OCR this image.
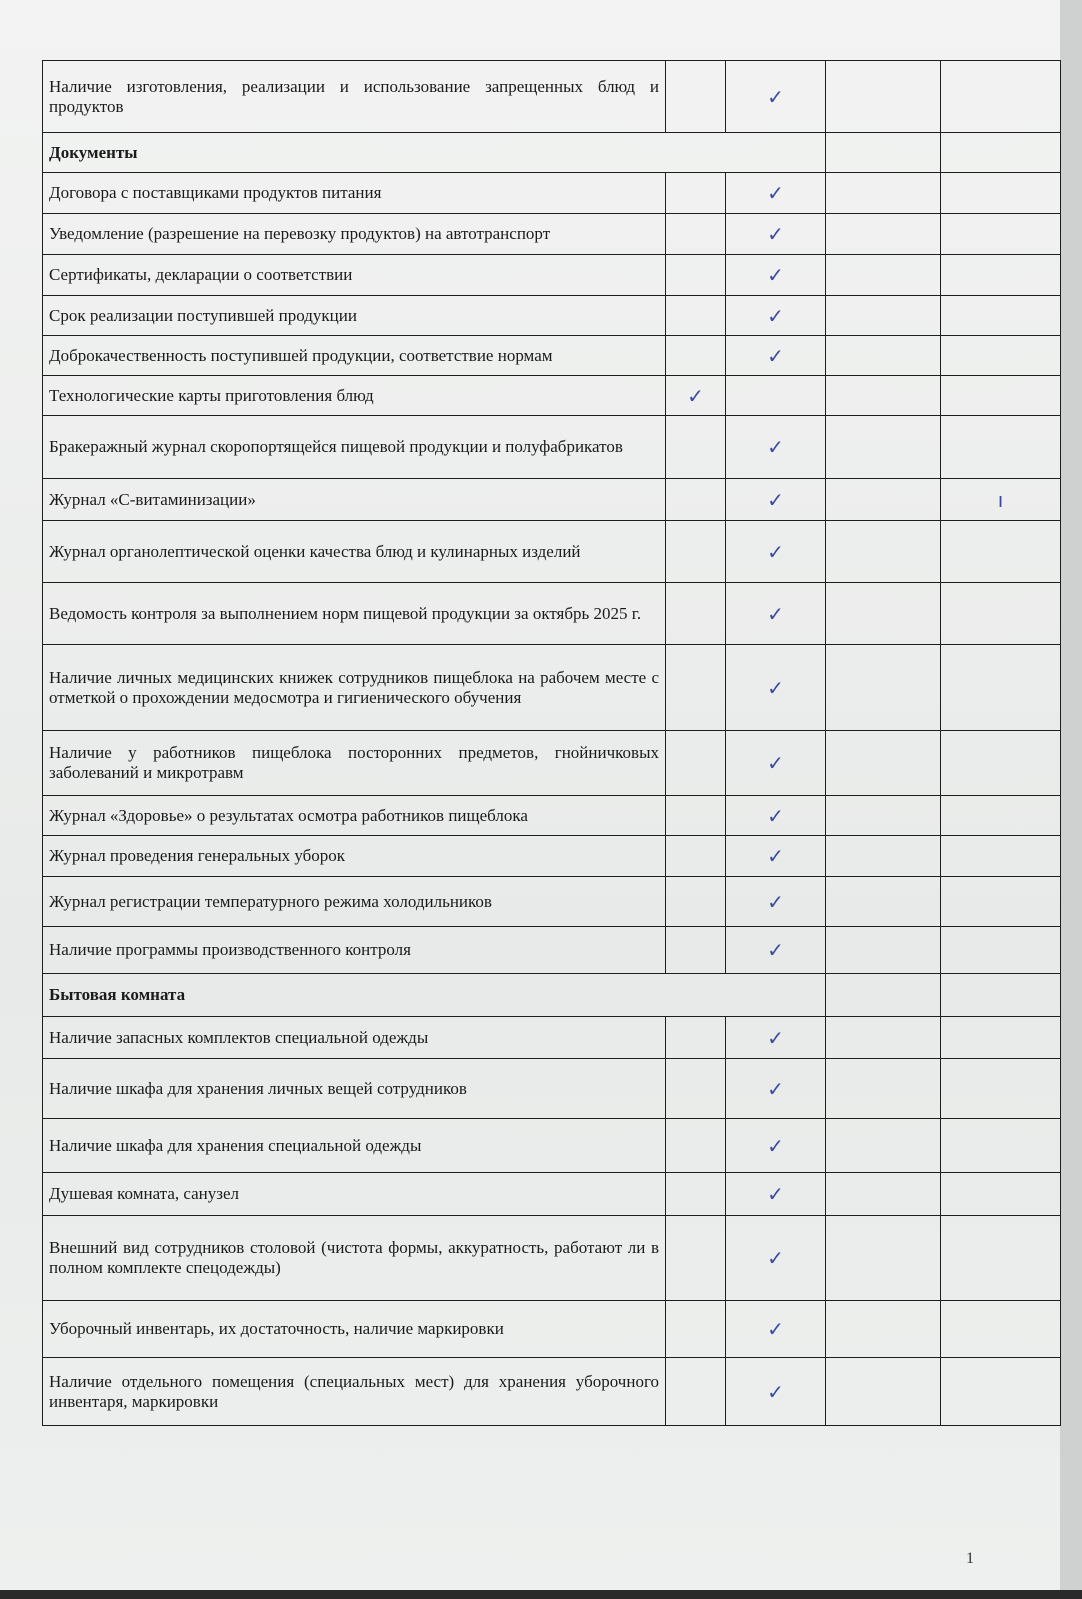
Наличие изготовления, реализации и использование запрещенных блюд и продуктов		✓		
Документы				
Договора с поставщиками продуктов питания		✓		
Уведомление (разрешение на перевозку продуктов) на автотранспорт		✓		
Сертификаты, декларации о соответствии		✓		
Срок реализации поступившей продукции		✓		
Доброкачественность поступившей продукции, соответствие нормам		✓		
Технологические карты приготовления блюд	✓			
Бракеражный журнал скоропортящейся пищевой продукции и полуфабрикатов		✓		
Журнал «С-витаминизации»		✓		ı
Журнал органолептической оценки качества блюд и кулинарных изделий		✓		
Ведомость контроля за выполнением норм пищевой продукции за октябрь 2025 г.		✓		
Наличие личных медицинских книжек сотрудников пищеблока на рабочем месте с отметкой о прохождении медосмотра и гигиенического обучения		✓		
Наличие у работников пищеблока посторонних предметов, гнойничковых заболеваний и микротравм		✓		
Журнал «Здоровье» о результатах осмотра работников пищеблока		✓		
Журнал проведения генеральных уборок		✓		
Журнал регистрации температурного режима холодильников		✓		
Наличие программы производственного контроля		✓		
Бытовая комната				
Наличие запасных комплектов специальной одежды		✓		
Наличие шкафа для хранения личных вещей сотрудников		✓		
Наличие шкафа для хранения специальной одежды		✓		
Душевая комната, санузел		✓		
Внешний вид сотрудников столовой (чистота формы, аккуратность, работают ли в полном комплекте спецодежды)		✓		
Уборочный инвентарь, их достаточность, наличие маркировки		✓		
Наличие отдельного помещения (специальных мест) для хранения уборочного инвентаря, маркировки		✓		
1
